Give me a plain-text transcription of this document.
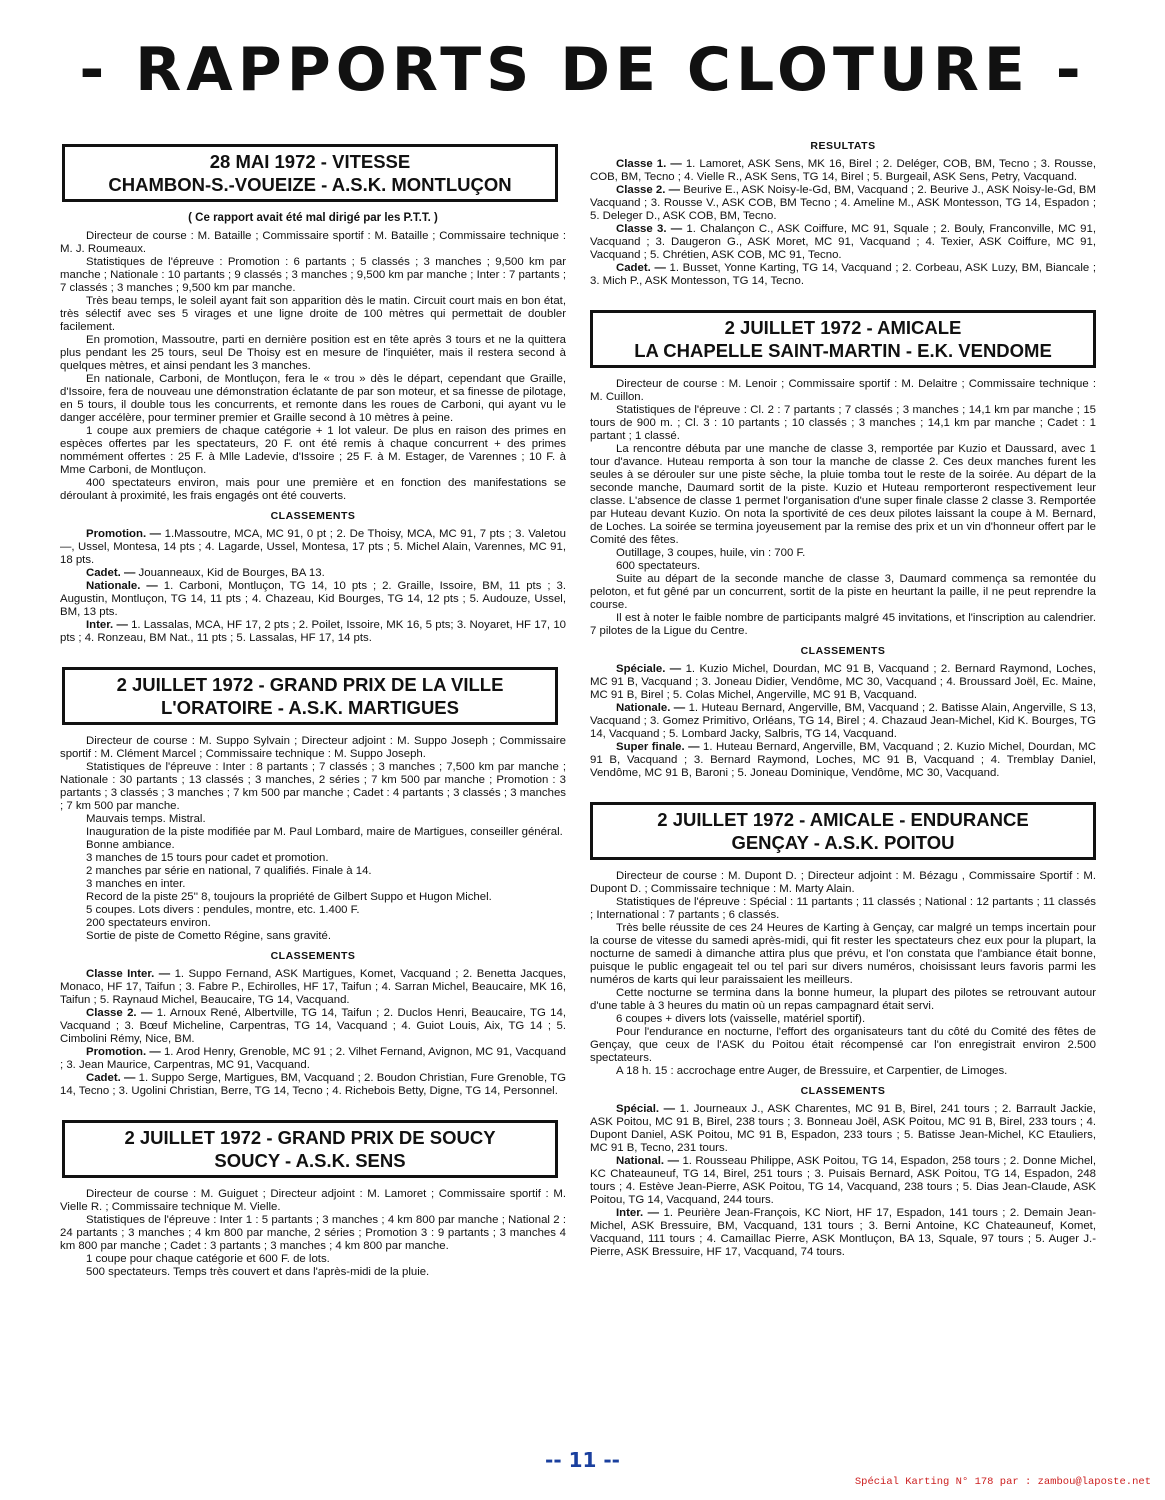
- RAPPORTS DE CLOTURE -
28 MAI 1972 - VITESSE
CHAMBON-S.-VOUEIZE - A.S.K. MONTLUÇON
( Ce rapport avait été mal dirigé par les P.T.T. )

Directeur de course : M. Bataille ; Commissaire sportif : M. Bataille ; Commissaire technique : M. J. Roumeaux.

Statistiques de l'épreuve : Promotion : 6 partants ; 5 classés ; 3 manches ; 9,500 km par manche ; Nationale : 10 partants ; 9 classés ; 3 manches ; 9,500 km par manche ; Inter : 7 partants ; 7 classés ; 3 manches ; 9,500 km par manche.

Très beau temps, le soleil ayant fait son apparition dès le matin. Circuit court mais en bon état, très sélectif avec ses 5 virages et une ligne droite de 100 mètres qui permettait de doubler facilement.

En promotion, Massoutre, parti en dernière position est en tête après 3 tours et ne la quittera plus pendant les 25 tours, seul De Thoisy est en mesure de l'inquiéter, mais il restera second à quelques mètres, et ainsi pendant les 3 manches.

En nationale, Carboni, de Montluçon, fera le « trou » dès le départ, cependant que Graille, d'Issoire, fera de nouveau une démonstration éclatante de par son moteur, et sa finesse de pilotage, en 5 tours, il double tous les concurrents, et remonte dans les roues de Carboni, qui ayant vu le danger accélère, pour terminer premier et Graille second à 10 mètres à peine.

1 coupe aux premiers de chaque catégorie + 1 lot valeur. De plus en raison des primes en espèces offertes par les spectateurs, 20 F. ont été remis à chaque concurrent + des primes nommément offertes : 25 F. à Mlle Ladevie, d'Issoire ; 25 F. à M. Estager, de Varennes ; 10 F. à Mme Carboni, de Montluçon.

400 spectateurs environ, mais pour une première et en fonction des manifestations se déroulant à proximité, les frais engagés ont été couverts.

CLASSEMENTS

Promotion. — 1.Massoutre, MCA, MC 91, 0 pt ; 2. De Thoisy, MCA, MC 91, 7 pts ; 3. Valetou—, Ussel, Montesa, 14 pts ; 4. Lagarde, Ussel, Montesa, 17 pts ; 5. Michel Alain, Varennes, MC 91, 18 pts.

Cadet. — Jouanneaux, Kid de Bourges, BA 13.

Nationale. — 1. Carboni, Montluçon, TG 14, 10 pts ; 2. Graille, Issoire, BM, 11 pts ; 3. Augustin, Montluçon, TG 14, 11 pts ; 4. Chazeau, Kid Bourges, TG 14, 12 pts ; 5. Audouze, Ussel, BM, 13 pts.

Inter. — 1. Lassalas, MCA, HF 17, 2 pts ; 2. Poilet, Issoire, MK 16, 5 pts; 3. Noyaret, HF 17, 10 pts ; 4. Ronzeau, BM Nat., 11 pts ; 5. Lassalas, HF 17, 14 pts.

2 JUILLET 1972 - GRAND PRIX DE LA VILLE
L'ORATOIRE - A.S.K. MARTIGUES

Directeur de course : M. Suppo Sylvain ; Directeur adjoint : M. Suppo Joseph ; Commissaire sportif : M. Clément Marcel ; Commissaire technique : M. Suppo Joseph.

Statistiques de l'épreuve : Inter : 8 partants ; 7 classés ; 3 manches ; 7,500 km par manche ; Nationale : 30 partants ; 13 classés ; 3 manches, 2 séries ; 7 km 500 par manche ; Promotion : 3 partants ; 3 classés ; 3 manches ; 7 km 500 par manche ; Cadet : 4 partants ; 3 classés ; 3 manches ; 7 km 500 par manche.

Mauvais temps. Mistral.

Inauguration de la piste modifiée par M. Paul Lombard, maire de Martigues, conseiller général.

Bonne ambiance.

3 manches de 15 tours pour cadet et promotion.

2 manches par série en national, 7 qualifiés. Finale à 14.

3 manches en inter.

Record de la piste 25'' 8, toujours la propriété de Gilbert Suppo et Hugon Michel.

5 coupes. Lots divers : pendules, montre, etc. 1.400 F.

200 spectateurs environ.

Sortie de piste de Cometto Régine, sans gravité.

CLASSEMENTS

Classe Inter. — 1. Suppo Fernand, ASK Martigues, Komet, Vacquand ; 2. Benetta Jacques, Monaco, HF 17, Taifun ; 3. Fabre P., Echirolles, HF 17, Taifun ; 4. Sarran Michel, Beaucaire, MK 16, Taifun ; 5. Raynaud Michel, Beaucaire, TG 14, Vacquand.

Classe 2. — 1. Arnoux René, Albertville, TG 14, Taifun ; 2. Duclos Henri, Beaucaire, TG 14, Vacquand ; 3. Bœuf Micheline, Carpentras, TG 14, Vacquand ; 4. Guiot Louis, Aix, TG 14 ; 5. Cimbolini Rémy, Nice, BM.

Promotion. — 1. Arod Henry, Grenoble, MC 91 ; 2. Vilhet Fernand, Avignon, MC 91, Vacquand ; 3. Jean Maurice, Carpentras, MC 91, Vacquand.

Cadet. — 1. Suppo Serge, Martigues, BM, Vacquand ; 2. Boudon Christian, Fure Grenoble, TG 14, Tecno ; 3. Ugolini Christian, Berre, TG 14, Tecno ; 4. Richebois Betty, Digne, TG 14, Personnel.

2 JUILLET 1972 - GRAND PRIX DE SOUCY
SOUCY - A.S.K. SENS

Directeur de course : M. Guiguet ; Directeur adjoint : M. Lamoret ; Commissaire sportif : M. Vielle R. ; Commissaire technique M. Vielle.

Statistiques de l'épreuve : Inter 1 : 5 partants ; 3 manches ; 4 km 800 par manche ; National 2 : 24 partants ; 3 manches ; 4 km 800 par manche, 2 séries ; Promotion 3 : 9 partants ; 3 manches 4 km 800 par manche ; Cadet : 3 partants ; 3 manches ; 4 km 800 par manche.

1 coupe pour chaque catégorie et 600 F. de lots.

500 spectateurs. Temps très couvert et dans l'après-midi de la pluie.

RESULTATS

Classe 1. — 1. Lamoret, ASK Sens, MK 16, Birel ; 2. Deléger, COB, BM, Tecno ; 3. Rousse, COB, BM, Tecno ; 4. Vielle R., ASK Sens, TG 14, Birel ; 5. Burgeail, ASK Sens, Petry, Vacquand.

Classe 2. — Beurive E., ASK Noisy-le-Gd, BM, Vacquand ; 2. Beurive J., ASK Noisy-le-Gd, BM Vacquand ; 3. Rousse V., ASK COB, BM Tecno ; 4. Ameline M., ASK Montesson, TG 14, Espadon ; 5. Deleger D., ASK COB, BM, Tecno.

Classe 3. — 1. Chalançon C., ASK Coiffure, MC 91, Squale ; 2. Bouly, Franconville, MC 91, Vacquand ; 3. Daugeron G., ASK Moret, MC 91, Vacquand ; 4. Texier, ASK Coiffure, MC 91, Vacquand ; 5. Chrétien, ASK COB, MC 91, Tecno.

Cadet. — 1. Busset, Yonne Karting, TG 14, Vacquand ; 2. Corbeau, ASK Luzy, BM, Biancale ; 3. Mich P., ASK Montesson, TG 14, Tecno.

2 JUILLET 1972 - AMICALE
LA CHAPELLE SAINT-MARTIN - E.K. VENDOME

Directeur de course : M. Lenoir ; Commissaire sportif : M. Delaitre ; Commissaire technique : M. Cuillon.

Statistiques de l'épreuve : Cl. 2 : 7 partants ; 7 classés ; 3 manches ; 14,1 km par manche ; 15 tours de 900 m. ; Cl. 3 : 10 partants ; 10 classés ; 3 manches ; 14,1 km par manche ; Cadet : 1 partant ; 1 classé.

La rencontre débuta par une manche de classe 3, remportée par Kuzio et Daussard, avec 1 tour d'avance. Huteau remporta à son tour la manche de classe 2. Ces deux manches furent les seules à se dérouler sur une piste sèche, la pluie tomba tout le reste de la soirée. Au départ de la seconde manche, Daumard sortit de la piste. Kuzio et Huteau remporteront respectivement leur classe. L'absence de classe 1 permet l'organisation d'une super finale classe 2 classe 3. Remportée par Huteau devant Kuzio. On nota la sportivité de ces deux pilotes laissant la coupe à M. Bernard, de Loches. La soirée se termina joyeusement par la remise des prix et un vin d'honneur offert par le Comité des fêtes.

Outillage, 3 coupes, huile, vin : 700 F.

600 spectateurs.

Suite au départ de la seconde manche de classe 3, Daumard commença sa remontée du peloton, et fut gêné par un concurrent, sortit de la piste en heurtant la paille, il ne peut reprendre la course.

Il est à noter le faible nombre de participants malgré 45 invitations, et l'inscription au calendrier. 7 pilotes de la Ligue du Centre.

CLASSEMENTS

Spéciale. — 1. Kuzio Michel, Dourdan, MC 91 B, Vacquand ; 2. Bernard Raymond, Loches, MC 91 B, Vacquand ; 3. Joneau Didier, Vendôme, MC 30, Vacquand ; 4. Broussard Joël, Ec. Maine, MC 91 B, Birel ; 5. Colas Michel, Angerville, MC 91 B, Vacquand.

Nationale. — 1. Huteau Bernard, Angerville, BM, Vacquand ; 2. Batisse Alain, Angerville, S 13, Vacquand ; 3. Gomez Primitivo, Orléans, TG 14, Birel ; 4. Chazaud Jean-Michel, Kid K. Bourges, TG 14, Vacquand ; 5. Lombard Jacky, Salbris, TG 14, Vacquand.

Super finale. — 1. Huteau Bernard, Angerville, BM, Vacquand ; 2. Kuzio Michel, Dourdan, MC 91 B, Vacquand ; 3. Bernard Raymond, Loches, MC 91 B, Vacquand ; 4. Tremblay Daniel, Vendôme, MC 91 B, Baroni ; 5. Joneau Dominique, Vendôme, MC 30, Vacquand.

2 JUILLET 1972 - AMICALE - ENDURANCE
GENÇAY - A.S.K. POITOU

Directeur de course : M. Dupont D. ; Directeur adjoint : M. Bézagu , Commissaire Sportif : M. Dupont D. ; Commissaire technique : M. Marty Alain.

Statistiques de l'épreuve : Spécial : 11 partants ; 11 classés ; National : 12 partants ; 11 classés ; International : 7 partants ; 6 classés.

Très belle réussite de ces 24 Heures de Karting à Gençay, car malgré un temps incertain pour la course de vitesse du samedi après-midi, qui fit rester les spectateurs chez eux pour la plupart, la nocturne de samedi à dimanche attira plus que prévu, et l'on constata que l'ambiance était bonne, puisque le public engageait tel ou tel pari sur divers numéros, choisissant leurs favoris parmi les numéros de karts qui leur paraissaient les meilleurs.

Cette nocturne se termina dans la bonne humeur, la plupart des pilotes se retrouvant autour d'une table à 3 heures du matin où un repas campagnard était servi.

6 coupes + divers lots (vaisselle, matériel sportif).

Pour l'endurance en nocturne, l'effort des organisateurs tant du côté du Comité des fêtes de Gençay, que ceux de l'ASK du Poitou était récompensé car l'on enregistrait environ 2.500 spectateurs.

A 18 h. 15 : accrochage entre Auger, de Bressuire, et Carpentier, de Limoges.

CLASSEMENTS

Spécial. — 1. Journeaux J., ASK Charentes, MC 91 B, Birel, 241 tours ; 2. Barrault Jackie, ASK Poitou, MC 91 B, Birel, 238 tours ; 3. Bonneau Joël, ASK Poitou, MC 91 B, Birel, 233 tours ; 4. Dupont Daniel, ASK Poitou, MC 91 B, Espadon, 233 tours ; 5. Batisse Jean-Michel, KC Etauliers, MC 91 B, Tecno, 231 tours.

National. — 1. Rousseau Philippe, ASK Poitou, TG 14, Espadon, 258 tours ; 2. Donne Michel, KC Chateauneuf, TG 14, Birel, 251 tours ; 3. Puisais Bernard, ASK Poitou, TG 14, Espadon, 248 tours ; 4. Estève Jean-Pierre, ASK Poitou, TG 14, Vacquand, 238 tours ; 5. Dias Jean-Claude, ASK Poitou, TG 14, Vacquand, 244 tours.

Inter. — 1. Peurière Jean-François, KC Niort, HF 17, Espadon, 141 tours ; 2. Demain Jean-Michel, ASK Bressuire, BM, Vacquand, 131 tours ; 3. Berni Antoine, KC Chateauneuf, Komet, Vacquand, 111 tours ; 4. Camaillac Pierre, ASK Montluçon, BA 13, Squale, 97 tours ; 5. Auger J.-Pierre, ASK Bressuire, HF 17, Vacquand, 74 tours.

-- 11 --
Spécial Karting N° 178 par : zambou@laposte.net
